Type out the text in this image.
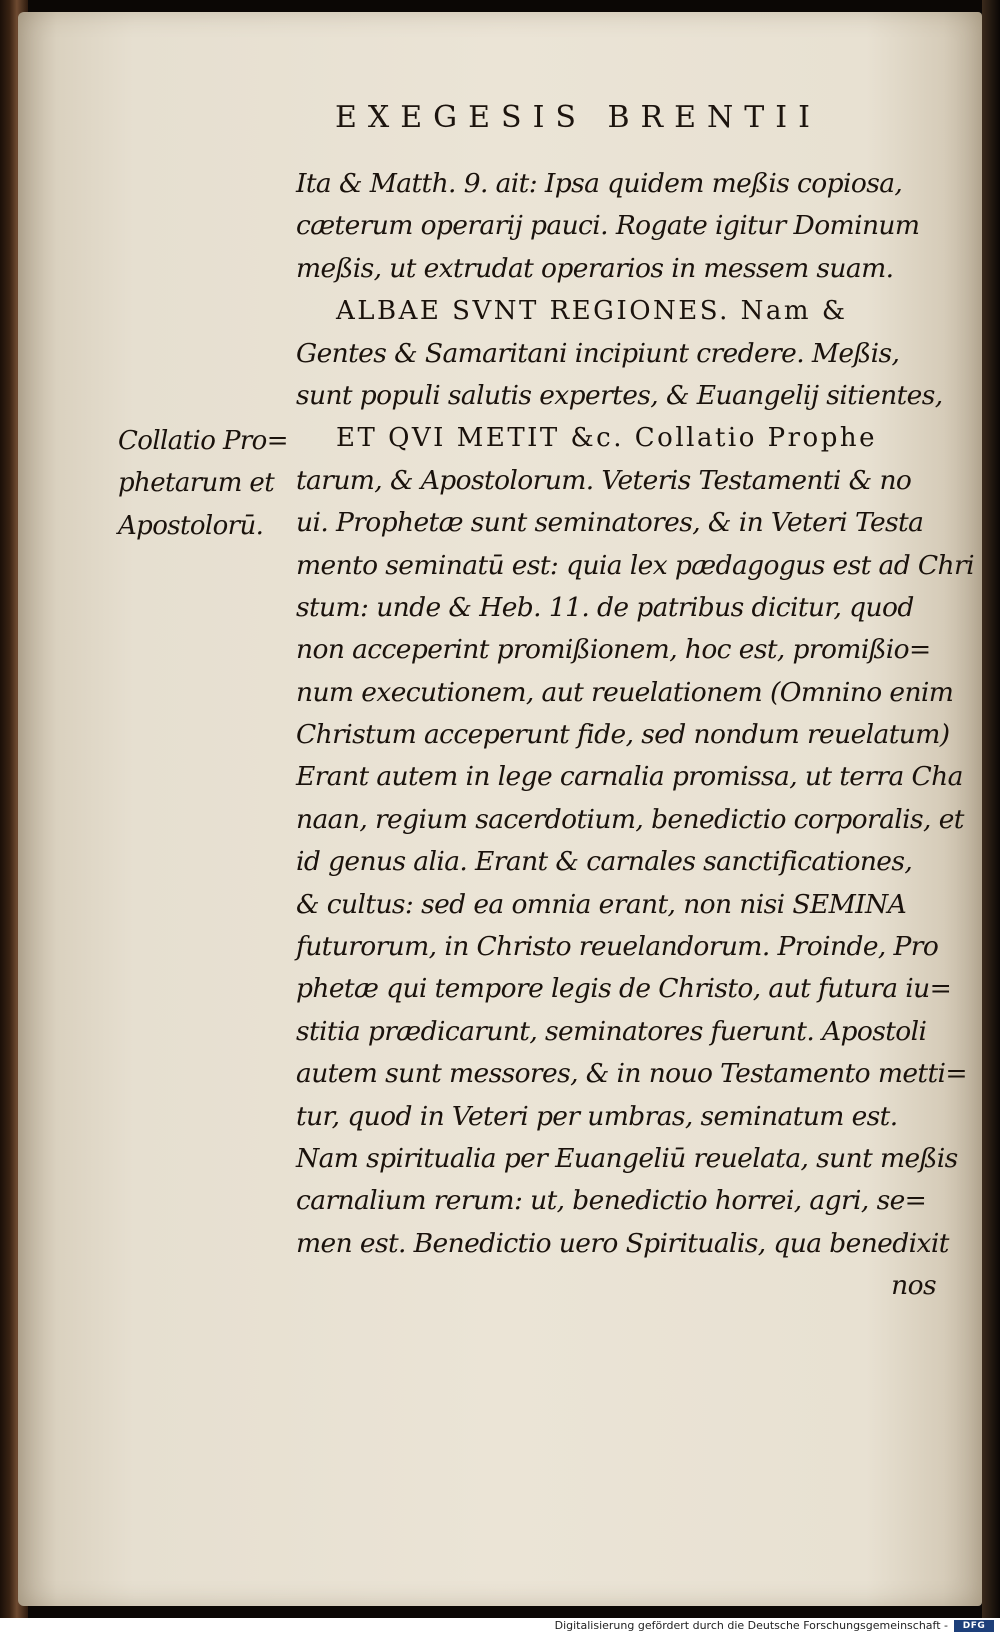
EXEGESIS BRENTII
Collatio Pro=
phetarum et
Apostolorū.
Ita & Matth. 9. ait: Ipsa quidem meßis copiosa,
cæterum operarij pauci. Rogate igitur Dominum
meßis, ut extrudat operarios in messem suam.
ALBAE SVNT REGIONES. Nam &
Gentes & Samaritani incipiunt credere. Meßis,
sunt populi salutis expertes, & Euangelij sitientes,
ET QVI METIT &c. Collatio Prophe
tarum, & Apostolorum. Veteris Testamenti & no
ui. Prophetæ sunt seminatores, & in Veteri Testa
mento seminatū est: quia lex pædagogus est ad Chri
stum: unde & Heb. 11. de patribus dicitur, quod
non acceperint promißionem, hoc est, promißio=
num executionem, aut reuelationem (Omnino enim
Christum acceperunt fide, sed nondum reuelatum)
Erant autem in lege carnalia promissa, ut terra Cha
naan, regium sacerdotium, benedictio corporalis, et
id genus alia. Erant & carnales sanctificationes,
& cultus: sed ea omnia erant, non nisi SEMINA
futurorum, in Christo reuelandorum. Proinde, Pro
phetæ qui tempore legis de Christo, aut futura iu=
stitia prædicarunt, seminatores fuerunt. Apostoli
autem sunt messores, & in nouo Testamento metti=
tur, quod in Veteri per umbras, seminatum est.
Nam spiritualia per Euangeliū reuelata, sunt meßis
carnalium rerum: ut, benedictio horrei, agri, se=
men est. Benedictio uero Spiritualis, qua benedixit
nos
Digitalisierung gefördert durch die Deutsche Forschungsgemeinschaft -	DFG
